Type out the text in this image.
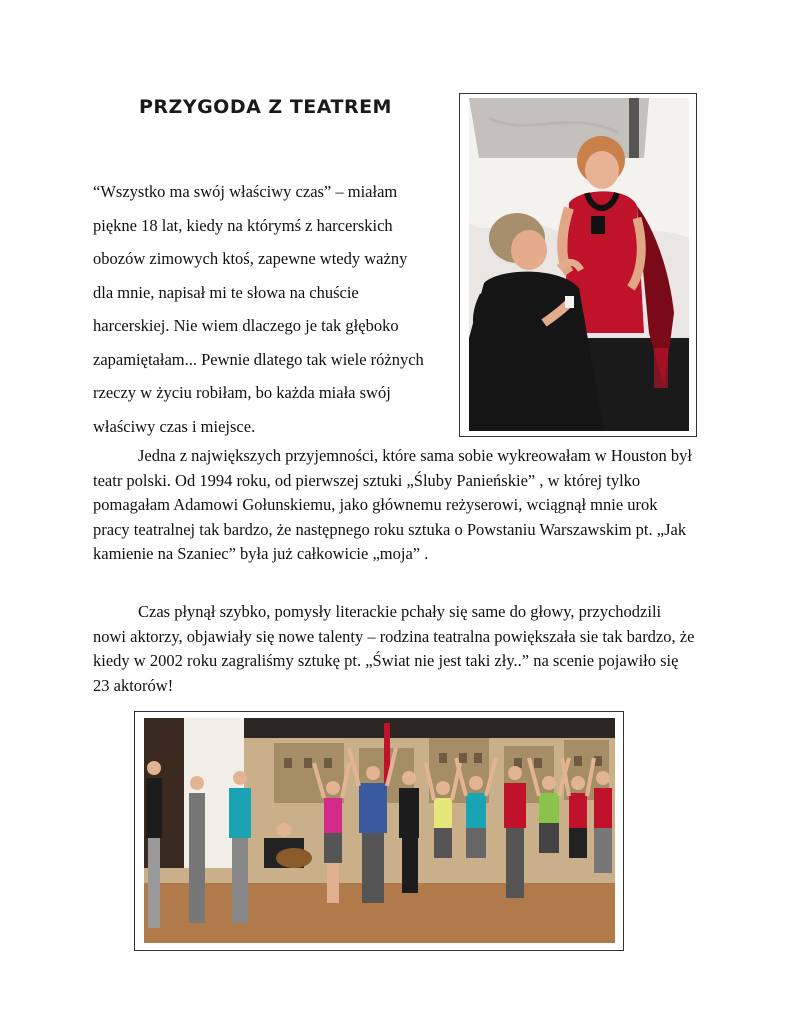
PRZYGODA Z TEATREM
“Wszystko ma swój właściwy czas” – miałam
piękne 18 lat, kiedy na którymś z harcerskich
obozów zimowych ktoś, zapewne wtedy ważny
dla mnie, napisał mi te słowa na chuście
harcerskiej. Nie wiem dlaczego je tak głęboko
zapamiętałam... Pewnie dlatego tak wiele różnych
rzeczy w życiu robiłam, bo każda miała swój
właściwy czas i miejsce.

Jedna z największych przyjemności, które sama sobie wykreowałam w Houston był teatr polski. Od 1994 roku, od pierwszej sztuki „Śluby Panieńskie” , w której tylko pomagałam Adamowi Gołunskiemu, jako głównemu reżyserowi, wciągnął mnie urok pracy teatralnej tak bardzo, że następnego roku sztuka o Powstaniu Warszawskim pt. „Jak kamienie na Szaniec” była już całkowicie „moja” .

Czas płynął szybko, pomysły literackie pchały się same do głowy, przychodzili nowi aktorzy, objawiały się nowe talenty – rodzina teatralna powiększała sie tak bardzo, że kiedy w 2002 roku zagraliśmy sztukę pt. „Świat nie jest taki zły..” na scenie pojawiło się 23 aktorów!
